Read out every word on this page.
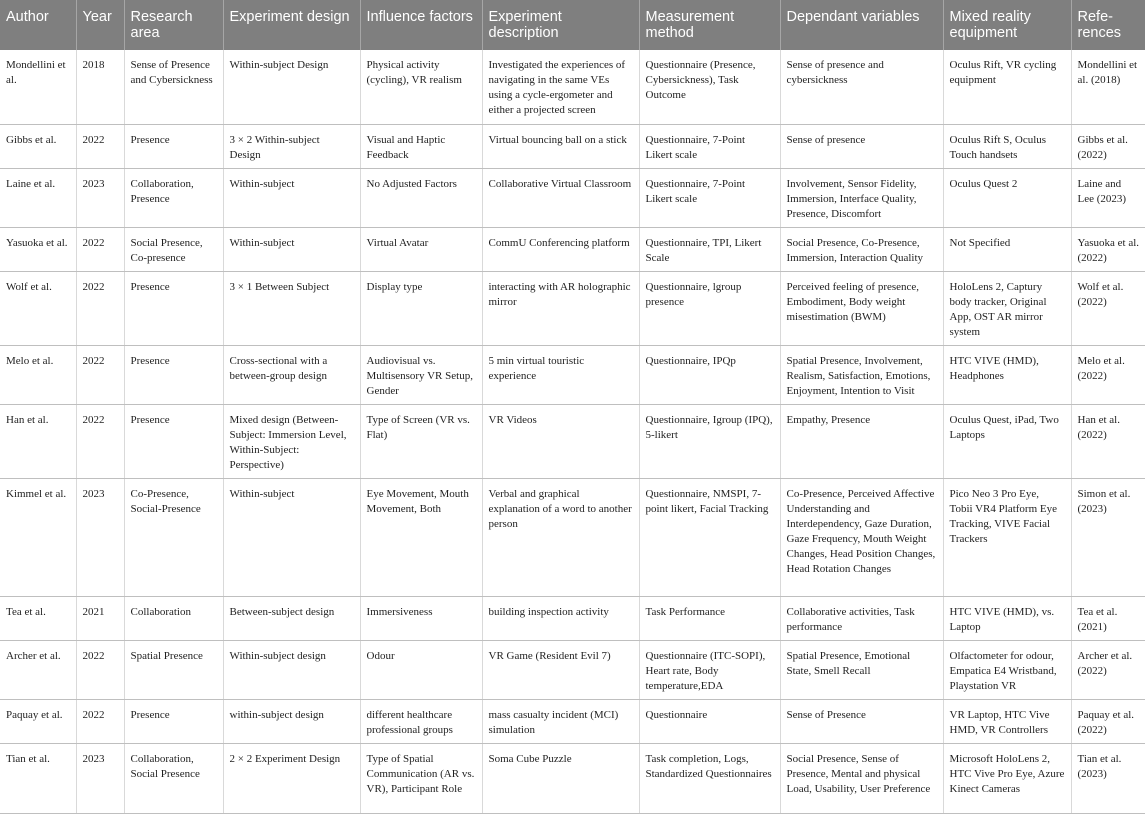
Author	Year	Research area	Experiment design	Influence factors	Experiment description	Measurement method	Dependant variables	Mixed reality equipment	Refe-rences
Mondellini et al.	2018	Sense of Presence and Cybersickness	Within-subject Design	Physical activity (cycling), VR realism	Investigated the experiences of navigating in the same VEs using a cycle-ergometer and either a projected screen	Questionnaire (Presence, Cybersickness), Task Outcome	Sense of presence and cybersickness	Oculus Rift, VR cycling equipment	Mondellini et al. (2018)
Gibbs et al.	2022	Presence	3 × 2 Within-subject Design	Visual and Haptic Feedback	Virtual bouncing ball on a stick	Questionnaire, 7-Point Likert scale	Sense of presence	Oculus Rift S, Oculus Touch handsets	Gibbs et al. (2022)
Laine et al.	2023	Collaboration, Presence	Within-subject	No Adjusted Factors	Collaborative Virtual Classroom	Questionnaire, 7-Point Likert scale	Involvement, Sensor Fidelity, Immersion, Interface Quality, Presence, Discomfort	Oculus Quest 2	Laine and Lee (2023)
Yasuoka et al.	2022	Social Presence, Co-presence	Within-subject	Virtual Avatar	CommU Conferencing platform	Questionnaire, TPI, Likert Scale	Social Presence, Co-Presence, Immersion, Interaction Quality	Not Specified	Yasuoka et al. (2022)
Wolf et al.	2022	Presence	3 × 1 Between Subject	Display type	interacting with AR holographic mirror	Questionnaire, lgroup presence	Perceived feeling of presence, Embodiment, Body weight misestimation (BWM)	HoloLens 2, Captury body tracker, Original App, OST AR mirror system	Wolf et al. (2022)
Melo et al.	2022	Presence	Cross-sectional with a between-group design	Audiovisual vs. Multisensory VR Setup, Gender	5 min virtual touristic experience	Questionnaire, IPQp	Spatial Presence, Involvement, Realism, Satisfaction, Emotions, Enjoyment, Intention to Visit	HTC VIVE (HMD), Headphones	Melo et al. (2022)
Han et al.	2022	Presence	Mixed design (Between-Subject: Immersion Level, Within-Subject: Perspective)	Type of Screen (VR vs. Flat)	VR Videos	Questionnaire, Igroup (IPQ), 5-likert	Empathy, Presence	Oculus Quest, iPad, Two Laptops	Han et al. (2022)
Kimmel et al.	2023	Co-Presence, Social-Presence	Within-subject	Eye Movement, Mouth Movement, Both	Verbal and graphical explanation of a word to another person	Questionnaire, NMSPI, 7-point likert, Facial Tracking	Co-Presence, Perceived Affective Understanding and Interdependency, Gaze Duration, Gaze Frequency, Mouth Weight Changes, Head Position Changes, Head Rotation Changes	Pico Neo 3 Pro Eye, Tobii VR4 Platform Eye Tracking, VIVE Facial Trackers	Simon et al. (2023)
Tea et al.	2021	Collaboration	Between-subject design	Immersiveness	building inspection activity	Task Performance	Collaborative activities, Task performance	HTC VIVE (HMD), vs. Laptop	Tea et al. (2021)
Archer et al.	2022	Spatial Presence	Within-subject design	Odour	VR Game (Resident Evil 7)	Questionnaire (ITC-SOPI), Heart rate, Body temperature,EDA	Spatial Presence, Emotional State, Smell Recall	Olfactometer for odour, Empatica E4 Wristband, Playstation VR	Archer et al. (2022)
Paquay et al.	2022	Presence	within-subject design	different healthcare professional groups	mass casualty incident (MCI) simulation	Questionnaire	Sense of Presence	VR Laptop, HTC Vive HMD, VR Controllers	Paquay et al. (2022)
Tian et al.	2023	Collaboration, Social Presence	2 × 2 Experiment Design	Type of Spatial Communication (AR vs. VR), Participant Role	Soma Cube Puzzle	Task completion, Logs, Standardized Questionnaires	Social Presence, Sense of Presence, Mental and physical Load, Usability, User Preference	Microsoft HoloLens 2, HTC Vive Pro Eye, Azure Kinect Cameras	Tian et al. (2023)
